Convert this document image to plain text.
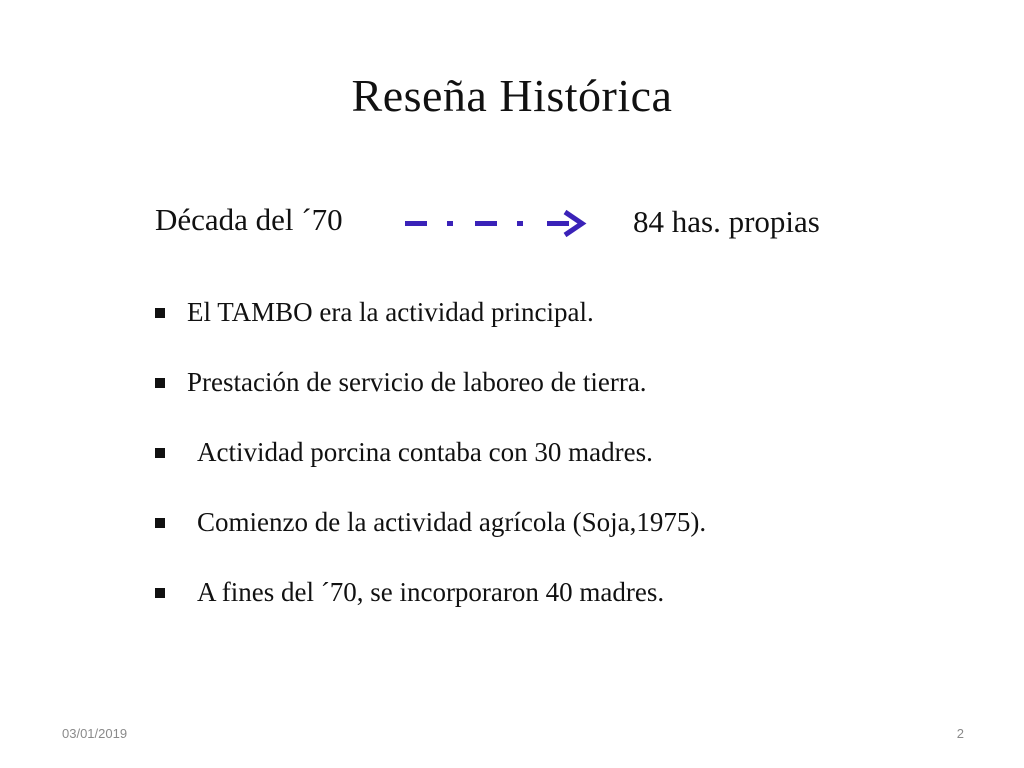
Reseña Histórica
Década del ´70	84 has. propias
El TAMBO era la actividad principal.
Prestación de servicio de laboreo de tierra.
Actividad porcina contaba con 30 madres.
Comienzo de la actividad agrícola (Soja,1975).
A fines del ´70, se incorporaron 40 madres.
03/01/2019	2
